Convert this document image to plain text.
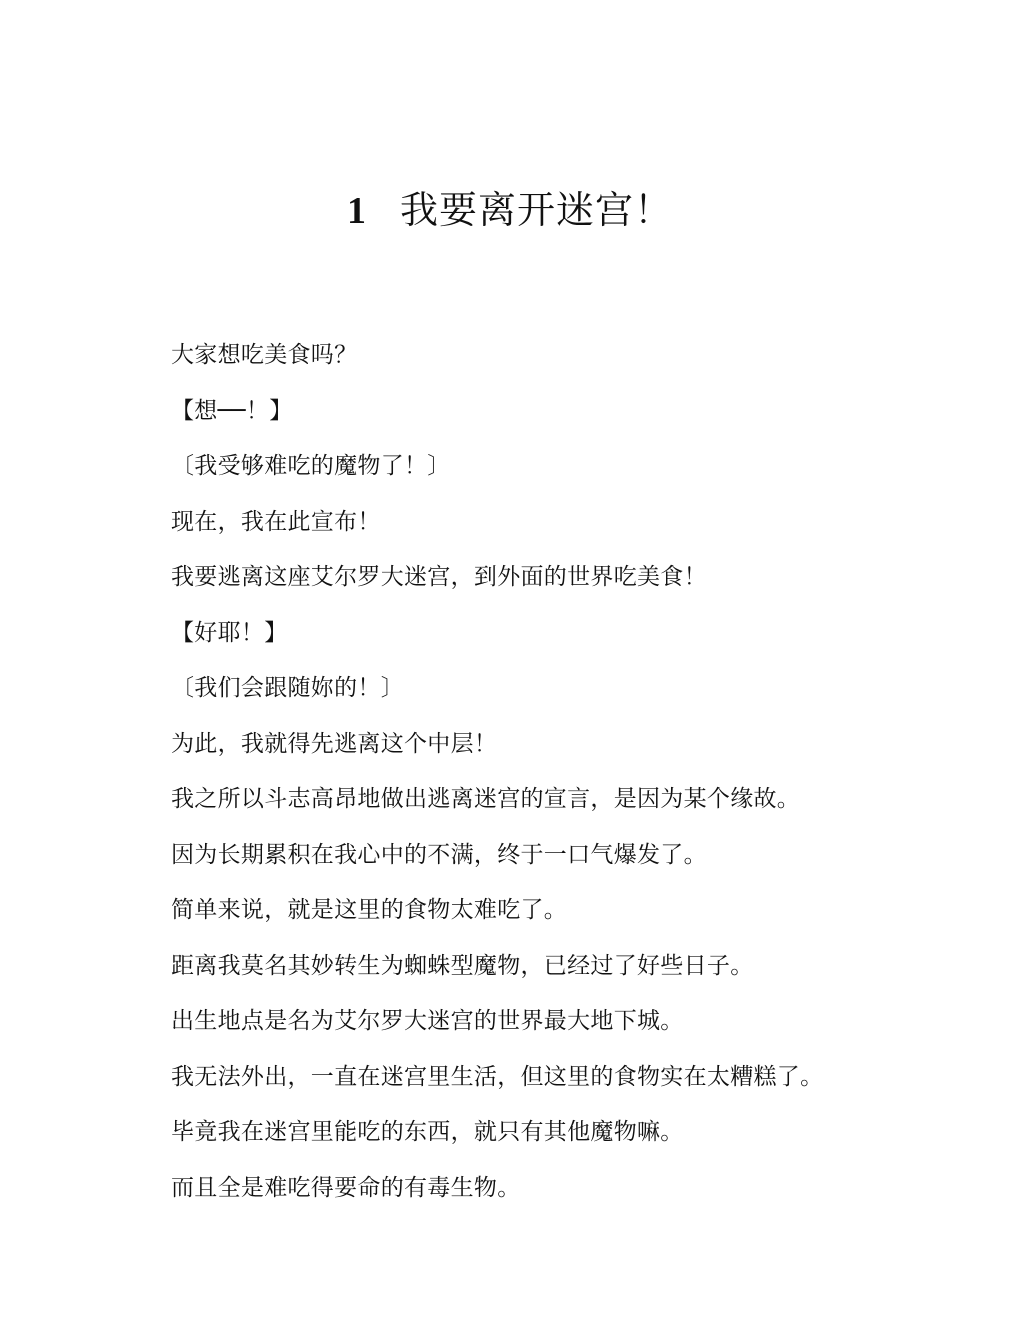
1 我要离开迷宫！

大家想吃美食吗？

【想──！】

〔我受够难吃的魔物了！〕

现在，我在此宣布！

我要逃离这座艾尔罗大迷宫，到外面的世界吃美食！

【好耶！】

〔我们会跟随妳的！〕

为此，我就得先逃离这个中层！

我之所以斗志高昂地做出逃离迷宫的宣言，是因为某个缘故。

因为长期累积在我心中的不满，终于一口气爆发了。

简单来说，就是这里的食物太难吃了。

距离我莫名其妙转生为蜘蛛型魔物，已经过了好些日子。

出生地点是名为艾尔罗大迷宫的世界最大地下城。

我无法外出，一直在迷宫里生活，但这里的食物实在太糟糕了。

毕竟我在迷宫里能吃的东西，就只有其他魔物嘛。

而且全是难吃得要命的有毒生物。
